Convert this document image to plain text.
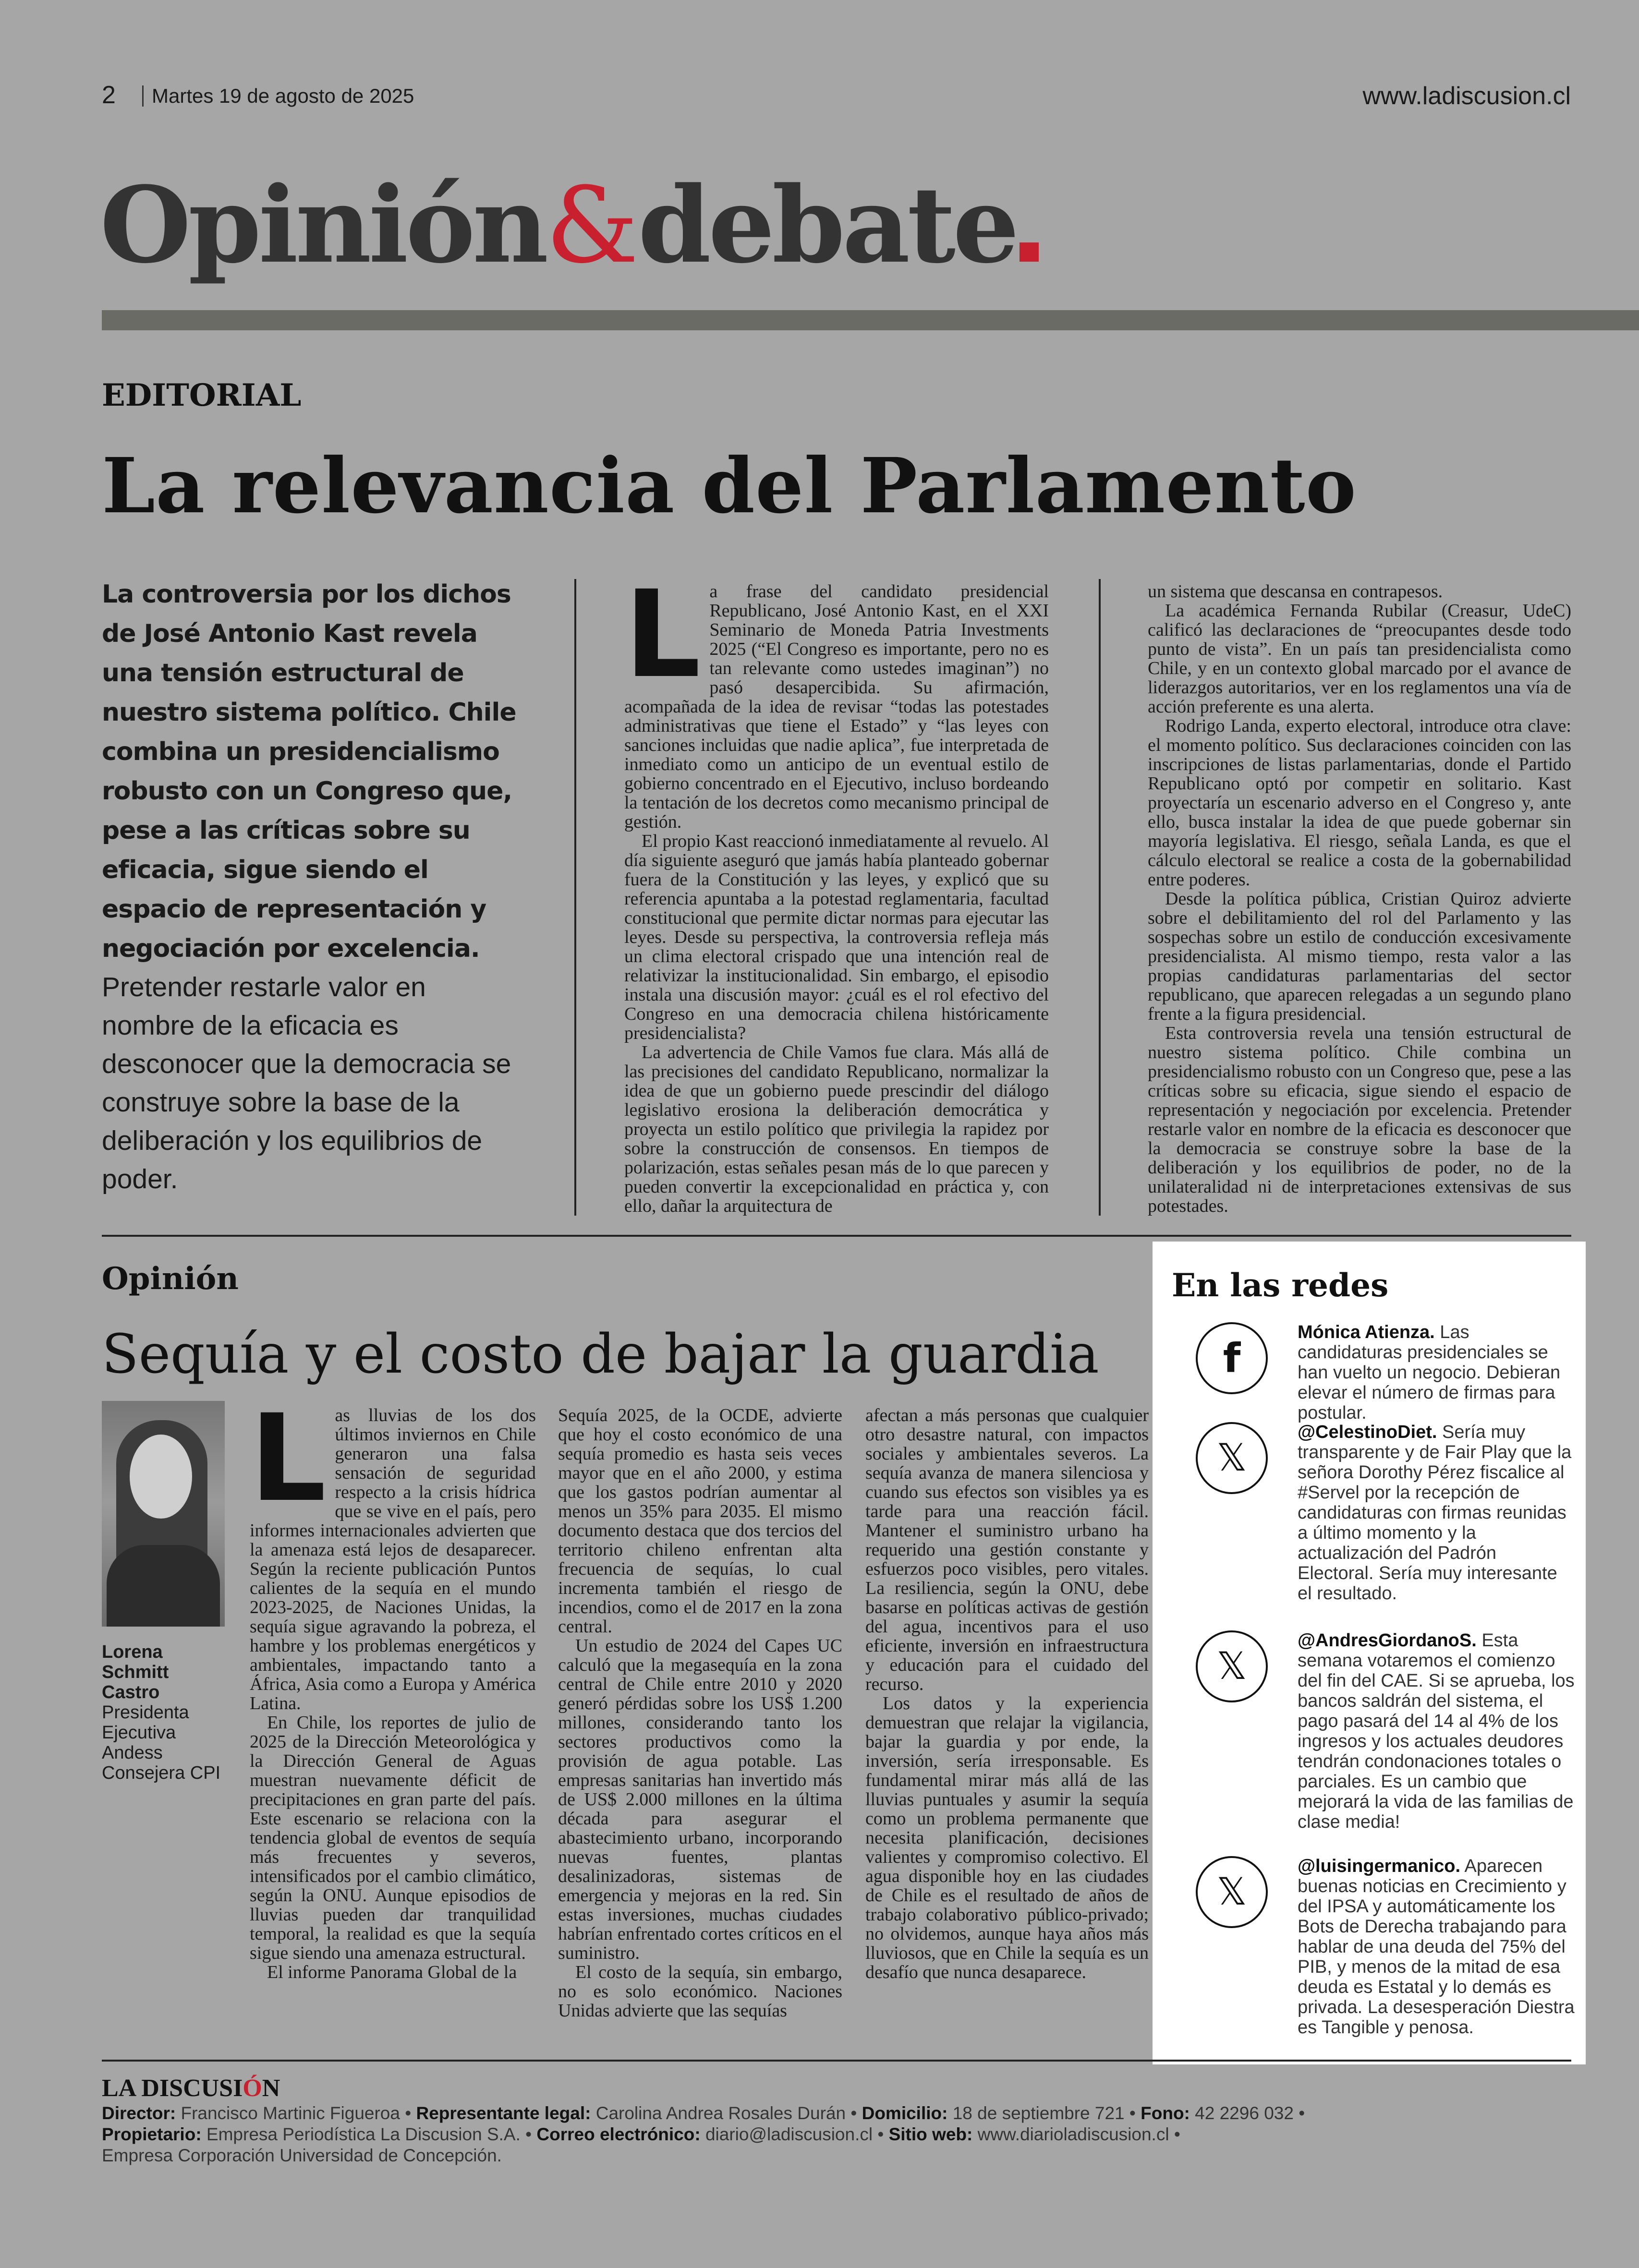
2 Martes 19 de agosto de 2025	www.ladiscusion.cl
Opinión&debate
EDITORIAL
La relevancia del Parlamento
La controversia por los dichos de José Antonio Kast revela una tensión estructural de nuestro sistema político. Chile combina un presidencialismo robusto con un Congreso que, pese a las críticas sobre su eficacia, sigue siendo el espacio de representación y negociación por excelencia. Pretender restarle valor en nombre de la eficacia es desconocer que la democracia se construye sobre la base de la deliberación y los equilibrios de poder.
L a frase del candidato presidencial Republicano, José Antonio Kast, en el XXI Seminario de Moneda Patria Investments 2025 (“El Congreso es importante, pero no es tan relevante como ustedes imaginan”) no pasó desapercibida. Su afirmación, acompañada de la idea de revisar “todas las potestades administrativas que tiene el Estado” y “las leyes con sanciones incluidas que nadie aplica”, fue interpretada de inmediato como un anticipo de un eventual estilo de gobierno concentrado en el Ejecutivo, incluso bordeando la tentación de los decretos como mecanismo principal de gestión.

El propio Kast reaccionó inmediatamente al revuelo. Al día siguiente aseguró que jamás había planteado gobernar fuera de la Constitución y las leyes, y explicó que su referencia apuntaba a la potestad reglamentaria, facultad constitucional que permite dictar normas para ejecutar las leyes. Desde su perspectiva, la controversia refleja más un clima electoral crispado que una intención real de relativizar la institucionalidad. Sin embargo, el episodio instala una discusión mayor: ¿cuál es el rol efectivo del Congreso en una democracia chilena históricamente presidencialista?

La advertencia de Chile Vamos fue clara. Más allá de las precisiones del candidato Republicano, normalizar la idea de que un gobierno puede prescindir del diálogo legislativo erosiona la deliberación democrática y proyecta un estilo político que privilegia la rapidez por sobre la construcción de consensos. En tiempos de polarización, estas señales pesan más de lo que parecen y pueden convertir la excepcionalidad en práctica y, con ello, dañar la arquitectura de

un sistema que descansa en contrapesos.

La académica Fernanda Rubilar (Creasur, UdeC) calificó las declaraciones de “preocupantes desde todo punto de vista”. En un país tan presidencialista como Chile, y en un contexto global marcado por el avance de liderazgos autoritarios, ver en los reglamentos una vía de acción preferente es una alerta.

Rodrigo Landa, experto electoral, introduce otra clave: el momento político. Sus declaraciones coinciden con las inscripciones de listas parlamentarias, donde el Partido Republicano optó por competir en solitario. Kast proyectaría un escenario adverso en el Congreso y, ante ello, busca instalar la idea de que puede gobernar sin mayoría legislativa. El riesgo, señala Landa, es que el cálculo electoral se realice a costa de la gobernabilidad entre poderes.

Desde la política pública, Cristian Quiroz advierte sobre el debilitamiento del rol del Parlamento y las sospechas sobre un estilo de conducción excesivamente presidencialista. Al mismo tiempo, resta valor a las propias candidaturas parlamentarias del sector republicano, que aparecen relegadas a un segundo plano frente a la figura presidencial.

Esta controversia revela una tensión estructural de nuestro sistema político. Chile combina un presidencialismo robusto con un Congreso que, pese a las críticas sobre su eficacia, sigue siendo el espacio de representación y negociación por excelencia. Pretender restarle valor en nombre de la eficacia es desconocer que la democracia se construye sobre la base de la deliberación y los equilibrios de poder, no de la unilateralidad ni de interpretaciones extensivas de sus potestades.

Opinión
Sequía y el costo de bajar la guardia
Lorena Schmitt Castro
Presidenta Ejecutiva Andess Consejera CPI
L as lluvias de los dos últimos inviernos en Chile generaron una falsa sensación de seguridad respecto a la crisis hídrica que se vive en el país, pero informes internacionales advierten que la amenaza está lejos de desaparecer. Según la reciente publicación Puntos calientes de la sequía en el mundo 2023-2025, de Naciones Unidas, la sequía sigue agravando la pobreza, el hambre y los problemas energéticos y ambientales, impactando tanto a África, Asia como a Europa y América Latina.

En Chile, los reportes de julio de 2025 de la Dirección Meteorológica y la Dirección General de Aguas muestran nuevamente déficit de precipitaciones en gran parte del país. Este escenario se relaciona con la tendencia global de eventos de sequía más frecuentes y severos, intensificados por el cambio climático, según la ONU. Aunque episodios de lluvias pueden dar tranquilidad temporal, la realidad es que la sequía sigue siendo una amenaza estructural.

El informe Panorama Global de la

Sequía 2025, de la OCDE, advierte que hoy el costo económico de una sequía promedio es hasta seis veces mayor que en el año 2000, y estima que los gastos podrían aumentar al menos un 35% para 2035. El mismo documento destaca que dos tercios del territorio chileno enfrentan alta frecuencia de sequías, lo cual incrementa también el riesgo de incendios, como el de 2017 en la zona central.

Un estudio de 2024 del Capes UC calculó que la megasequía en la zona central de Chile entre 2010 y 2020 generó pérdidas sobre los US$ 1.200 millones, considerando tanto los sectores productivos como la provisión de agua potable. Las empresas sanitarias han invertido más de US$ 2.000 millones en la última década para asegurar el abastecimiento urbano, incorporando nuevas fuentes, plantas desalinizadoras, sistemas de emergencia y mejoras en la red. Sin estas inversiones, muchas ciudades habrían enfrentado cortes críticos en el suministro.

El costo de la sequía, sin embargo, no es solo económico. Naciones Unidas advierte que las sequías

afectan a más personas que cualquier otro desastre natural, con impactos sociales y ambientales severos. La sequía avanza de manera silenciosa y cuando sus efectos son visibles ya es tarde para una reacción fácil. Mantener el suministro urbano ha requerido una gestión constante y esfuerzos poco visibles, pero vitales. La resiliencia, según la ONU, debe basarse en políticas activas de gestión del agua, incentivos para el uso eficiente, inversión en infraestructura y educación para el cuidado del recurso.

Los datos y la experiencia demuestran que relajar la vigilancia, bajar la guardia y por ende, la inversión, sería irresponsable. Es fundamental mirar más allá de las lluvias puntuales y asumir la sequía como un problema permanente que necesita planificación, decisiones valientes y compromiso colectivo. El agua disponible hoy en las ciudades de Chile es el resultado de años de trabajo colaborativo público-privado; no olvidemos, aunque haya años más lluviosos, que en Chile la sequía es un desafío que nunca desaparece.

En las redes
f
Mónica Atienza. Las candidaturas presidenciales se han vuelto un negocio. Debieran elevar el número de firmas para postular.
𝕏
@CelestinoDiet. Sería muy transparente y de Fair Play que la señora Dorothy Pérez fiscalice al #Servel por la recepción de candidaturas con firmas reunidas a último momento y la actualización del Padrón Electoral. Sería muy interesante el resultado.
𝕏
@AndresGiordanoS. Esta semana votaremos el comienzo del fin del CAE. Si se aprueba, los bancos saldrán del sistema, el pago pasará del 14 al 4% de los ingresos y los actuales deudores tendrán condonaciones totales o parciales. Es un cambio que mejorará la vida de las familias de clase media!
𝕏
@luisingermanico. Aparecen buenas noticias en Crecimiento y del IPSA y automáticamente los Bots de Derecha trabajando para hablar de una deuda del 75% del PIB, y menos de la mitad de esa deuda es Estatal y lo demás es privada. La desesperación Diestra es Tangible y penosa.
LA DISCUSIÓN
Director: Francisco Martinic Figueroa • Representante legal: Carolina Andrea Rosales Durán • Domicilio: 18 de septiembre 721 • Fono: 42 2296 032 •
Propietario: Empresa Periodística La Discusion S.A. • Correo electrónico: diario@ladiscusion.cl • Sitio web: www.diarioladiscusion.cl •
Empresa Corporación Universidad de Concepción.
